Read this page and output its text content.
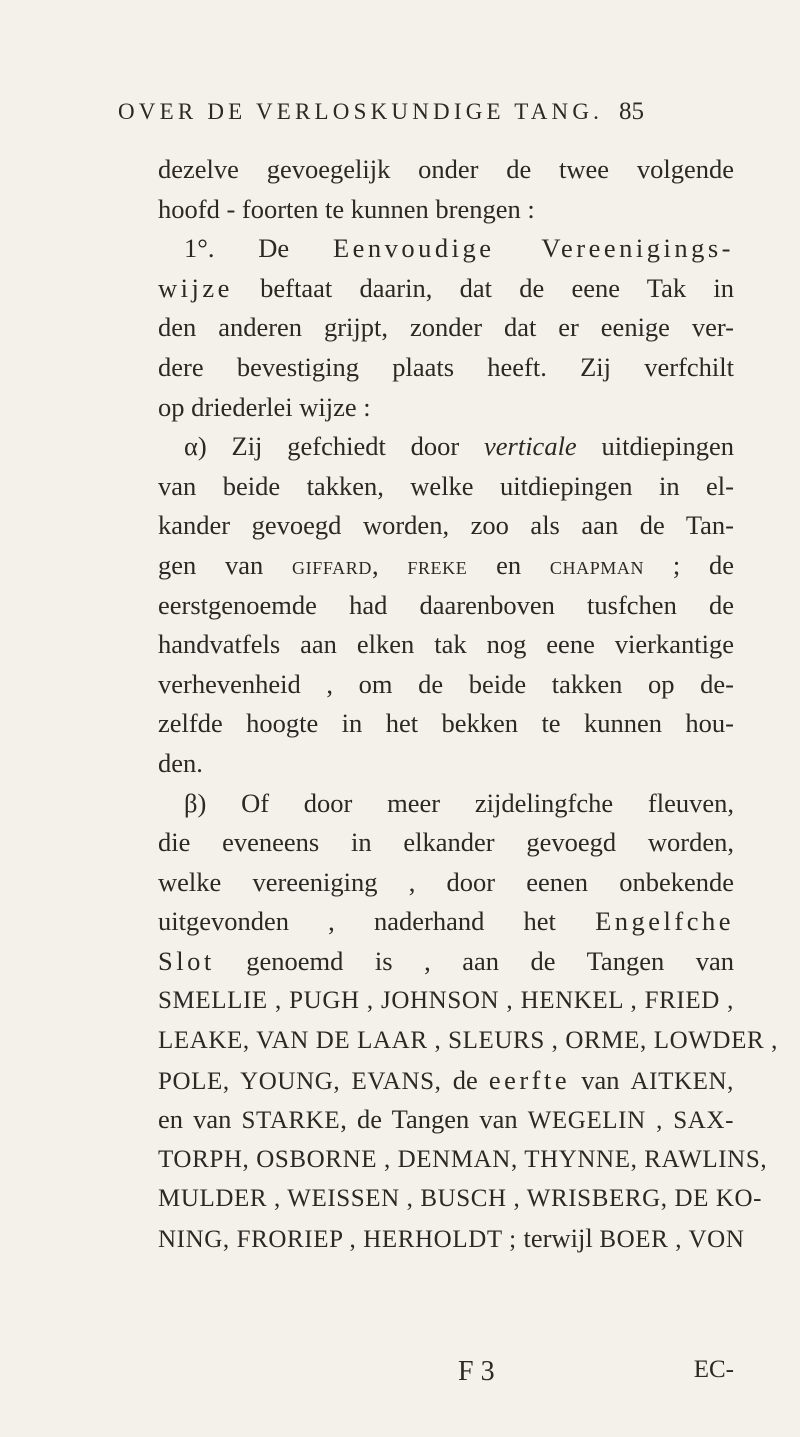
OVER DE VERLOSKUNDIGE TANG. 85
dezelve gevoegelijk onder de twee volgende
hoofd - foorten te kunnen brengen :
1°. De Eenvoudige Vereenigings-
wijze beftaat daarin, dat de eene Tak in
den anderen grijpt, zonder dat er eenige ver-
dere bevestiging plaats heeft. Zij verfchilt
op driederlei wijze :
α) Zij gefchiedt door verticale uitdiepingen
van beide takken, welke uitdiepingen in el-
kander gevoegd worden, zoo als aan de Tan-
gen van giffard, freke en chapman ; de
eerstgenoemde had daarenboven tusfchen de
handvatfels aan elken tak nog eene vierkantige
verhevenheid , om de beide takken op de-
zelfde hoogte in het bekken te kunnen hou-
den.
β) Of door meer zijdelingfche fleuven,
die eveneens in elkander gevoegd worden,
welke vereeniging , door eenen onbekende
uitgevonden , naderhand het Engelfche
Slot genoemd is , aan de Tangen van
SMELLIE , PUGH , JOHNSON , HENKEL , FRIED ,
LEAKE, VAN DE LAAR , SLEURS , ORME, LOWDER ,
POLE, YOUNG, EVANS, de eerfte van AITKEN,
en van STARKE, de Tangen van WEGELIN , SAX-
TORPH, OSBORNE , DENMAN, THYNNE, RAWLINS,
MULDER , WEISSEN , BUSCH , WRISBERG, DE KO-
NING, FRORIEP , HERHOLDT ; terwijl BOER , VON
F 3	EC-
